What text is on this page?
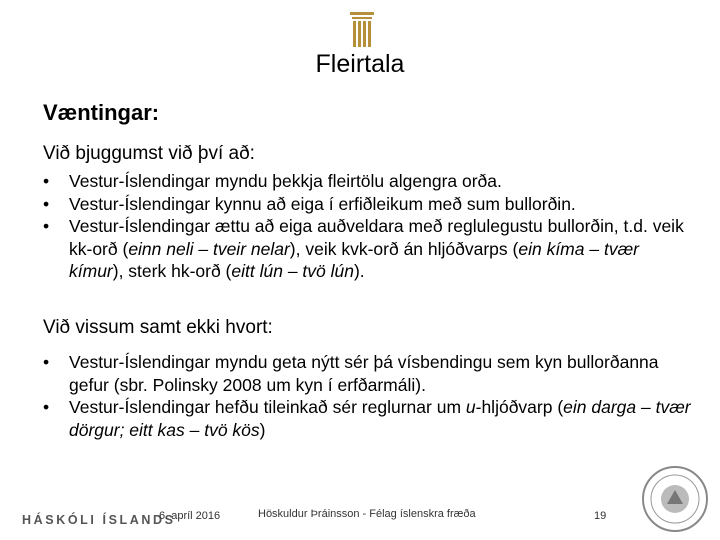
Fleirtala
Væntingar:
Við bjuggumst við því að:
• Vestur-Íslendingar myndu þekkja fleirtölu algengra orða.
• Vestur-Íslendingar kynnu að eiga í erfiðleikum með sum bullorðin.
• Vestur-Íslendingar ættu að eiga auðveldara með reglulegustu bullorðin, t.d. veik kk-orð (einn neli – tveir nelar), veik kvk-orð án hljóðvarps (ein kíma – tvær kímur), sterk hk-orð (eitt lún – tvö lún).
Við vissum samt ekki hvort:
• Vestur-Íslendingar myndu geta nýtt sér þá vísbendingu sem kyn bullorðanna gefur (sbr. Polinsky 2008 um kyn í erfðarmáli).
• Vestur-Íslendingar hefðu tileinkað sér reglurnar um u-hljóðvarp (ein darga – tvær dörgur; eitt kas – tvö kös)
HÁSKÓLI ÍSLANDS
6. apríl 2016	Höskuldur Þráinsson - Félag íslenskra fræða	19
